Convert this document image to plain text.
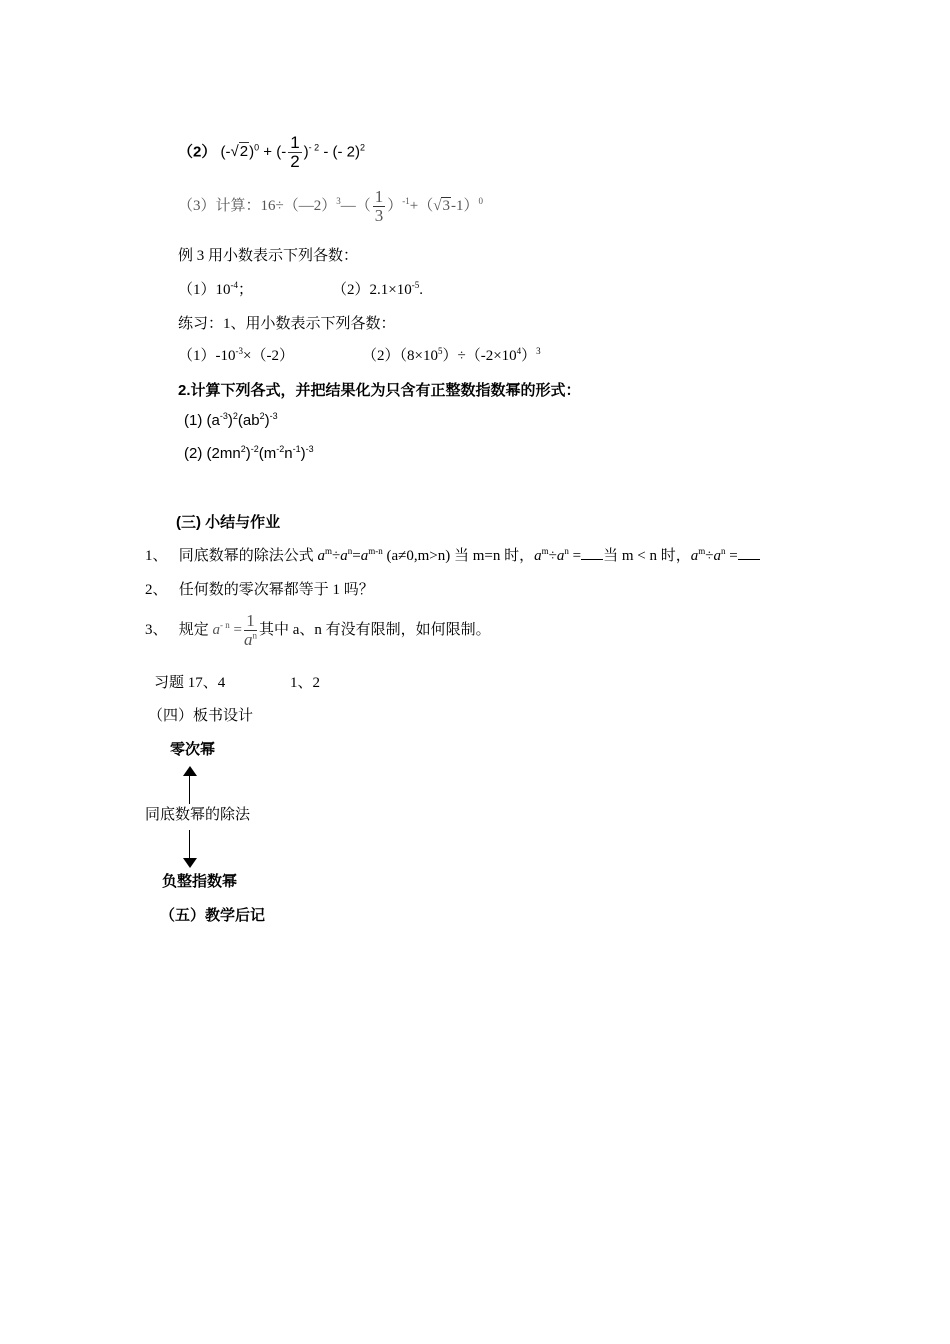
（2） $(-√2)^0$ + (- $\frac{1}{2} )^{- 2}$ - (- 2)$^2$
（3）计算：16÷（—2）$^3$—（ $\frac{1}{3} )^{-1}+(√3-1)^0$
例 3 用小数表示下列各数：
$(1)10^{-4}$；	$(2)2.1\times 10^{-5}$.
练习：1、用小数表示下列各数：
$(1)-10^{-3}\times(-2)$	$(2)(8\times 10^5)\div(-2\times 10^4)^3$
2.计算下列各式，并把结果化为只含有正整数指数幂的形式：
(1) $(a^{-3})^2(ab^2)^{-3}$
(2) $(2mn^2)^{-2}(m^{-2}n^{-1})^{-3}$
(三) 小结与作业
1、 同底数幂的除法公式 $a^m\div a^n=a^{m-n}$ (a≠0,m>n) 当 m=n 时，$a^m\div a^n$ = 当 m < n 时，$a^m\div a^n$ =
2、 任何数的零次幂都等于 1 吗？
3、 规定 $a^{- n} = \frac{1}{a^n}$ 其中 a、n 有没有限制，如何限制。
习题 17、4	1、2
（四）板书设计
零次幂
同底数幂的除法
负整指数幂
（五）教学后记
